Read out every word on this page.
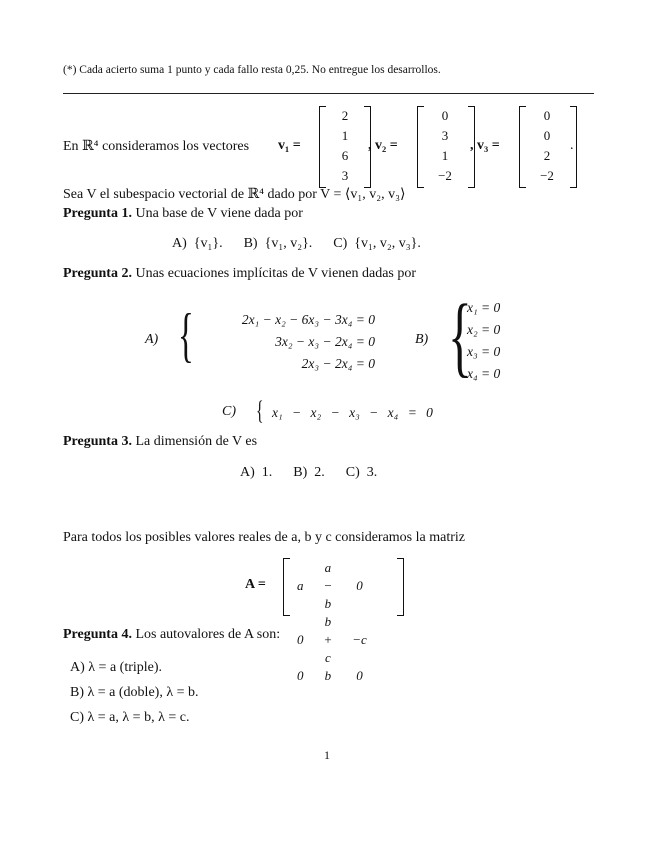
(*) Cada acierto suma 1 punto y cada fallo resta 0,25. No entregue los desarrollos.
En ℝ⁴ consideramos los vectores v₁ =
2
1
6
3
, v₂ =
0
3
1
−2
, v₃ =
0
0
2
−2
.
Sea V el subespacio vectorial de ℝ⁴ dado por V = ⟨v₁, v₂, v₃⟩
Pregunta 1. Una base de V viene dada por
A)  {v₁}.      B)  {v₁, v₂}.      C)  {v₁, v₂, v₃}.
Pregunta 2. Unas ecuaciones implícitas de V vienen dadas por
A) {	2x₁ − x₂ − 6x₃ − 3x₄ = 0
3x₂ − x₃ − 2x₄ = 0
2x₃ − 2x₄ = 0
B) {
x₁ = 0
x₂ = 0
x₃ = 0
x₄ = 0
C) { x₁ − x₂ − x₃ − x₄ = 0
Pregunta 3. La dimensión de V es
A)  1.      B)  2.      C)  3.
Para todos los posibles valores reales de a, b y c consideramos la matriz
A = a	a − b	0
0	b + c	−c
0	b	0
Pregunta 4. Los autovalores de A son:
A) λ = a (triple).
B) λ = a (doble), λ = b.
C) λ = a, λ = b, λ = c.
1
